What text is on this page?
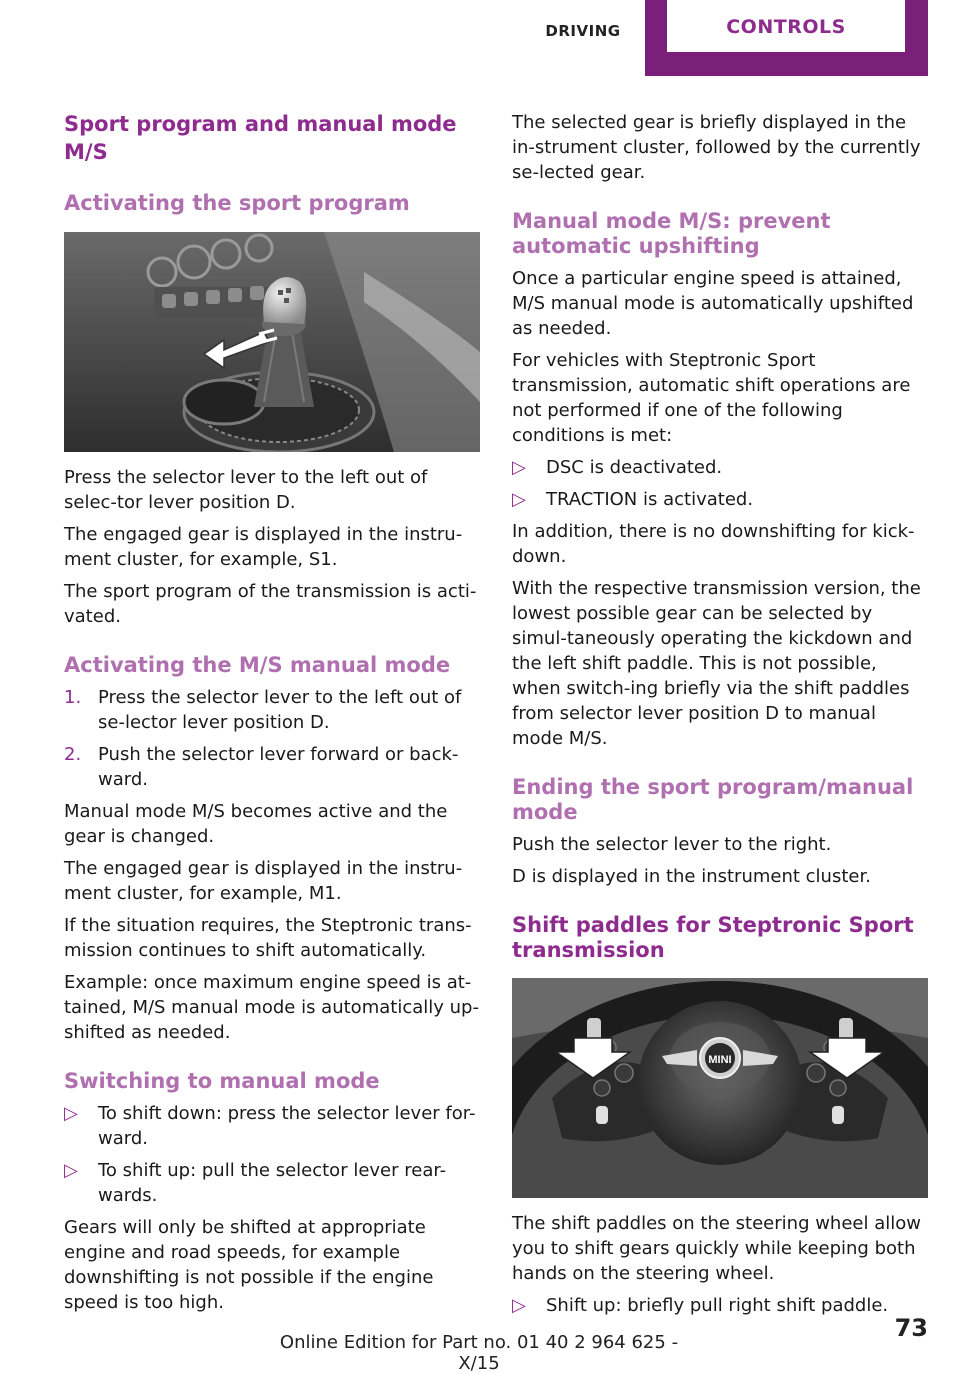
DRIVING	CONTROLS
Sport program and manual mode M/S
Activating the sport program

Press the selector lever to the left out of selec-tor lever position D.

The engaged gear is displayed in the instru-ment cluster, for example, S1.

The sport program of the transmission is acti-vated.

Activating the M/S manual mode
1. Press the selector lever to the left out of se-lector lever position D.
2. Push the selector lever forward or back-ward.

Manual mode M/S becomes active and the gear is changed.

The engaged gear is displayed in the instru-ment cluster, for example, M1.

If the situation requires, the Steptronic trans-mission continues to shift automatically.

Example: once maximum engine speed is at-tained, M/S manual mode is automatically up-shifted as needed.

Switching to manual mode
▷	To shift down: press the selector lever for-ward.
▷	To shift up: pull the selector lever rear-wards.

Gears will only be shifted at appropriate engine and road speeds, for example downshifting is not possible if the engine speed is too high.

The selected gear is briefly displayed in the in-strument cluster, followed by the currently se-lected gear.

Manual mode M/S: prevent automatic upshifting

Once a particular engine speed is attained, M/S manual mode is automatically upshifted as needed.

For vehicles with Steptronic Sport transmission, automatic shift operations are not performed if one of the following conditions is met:

▷	DSC is deactivated.
▷	TRACTION is activated.

In addition, there is no downshifting for kick-down.

With the respective transmission version, the lowest possible gear can be selected by simul-taneously operating the kickdown and the left shift paddle. This is not possible, when switch-ing briefly via the shift paddles from selector lever position D to manual mode M/S.

Ending the sport program/manual mode

Push the selector lever to the right.

D is displayed in the instrument cluster.

Shift paddles for Steptronic Sport transmission
MINI

The shift paddles on the steering wheel allow you to shift gears quickly while keeping both hands on the steering wheel.

▷	Shift up: briefly pull right shift paddle.
73
Online Edition for Part no. 01 40 2 964 625 - X/15
